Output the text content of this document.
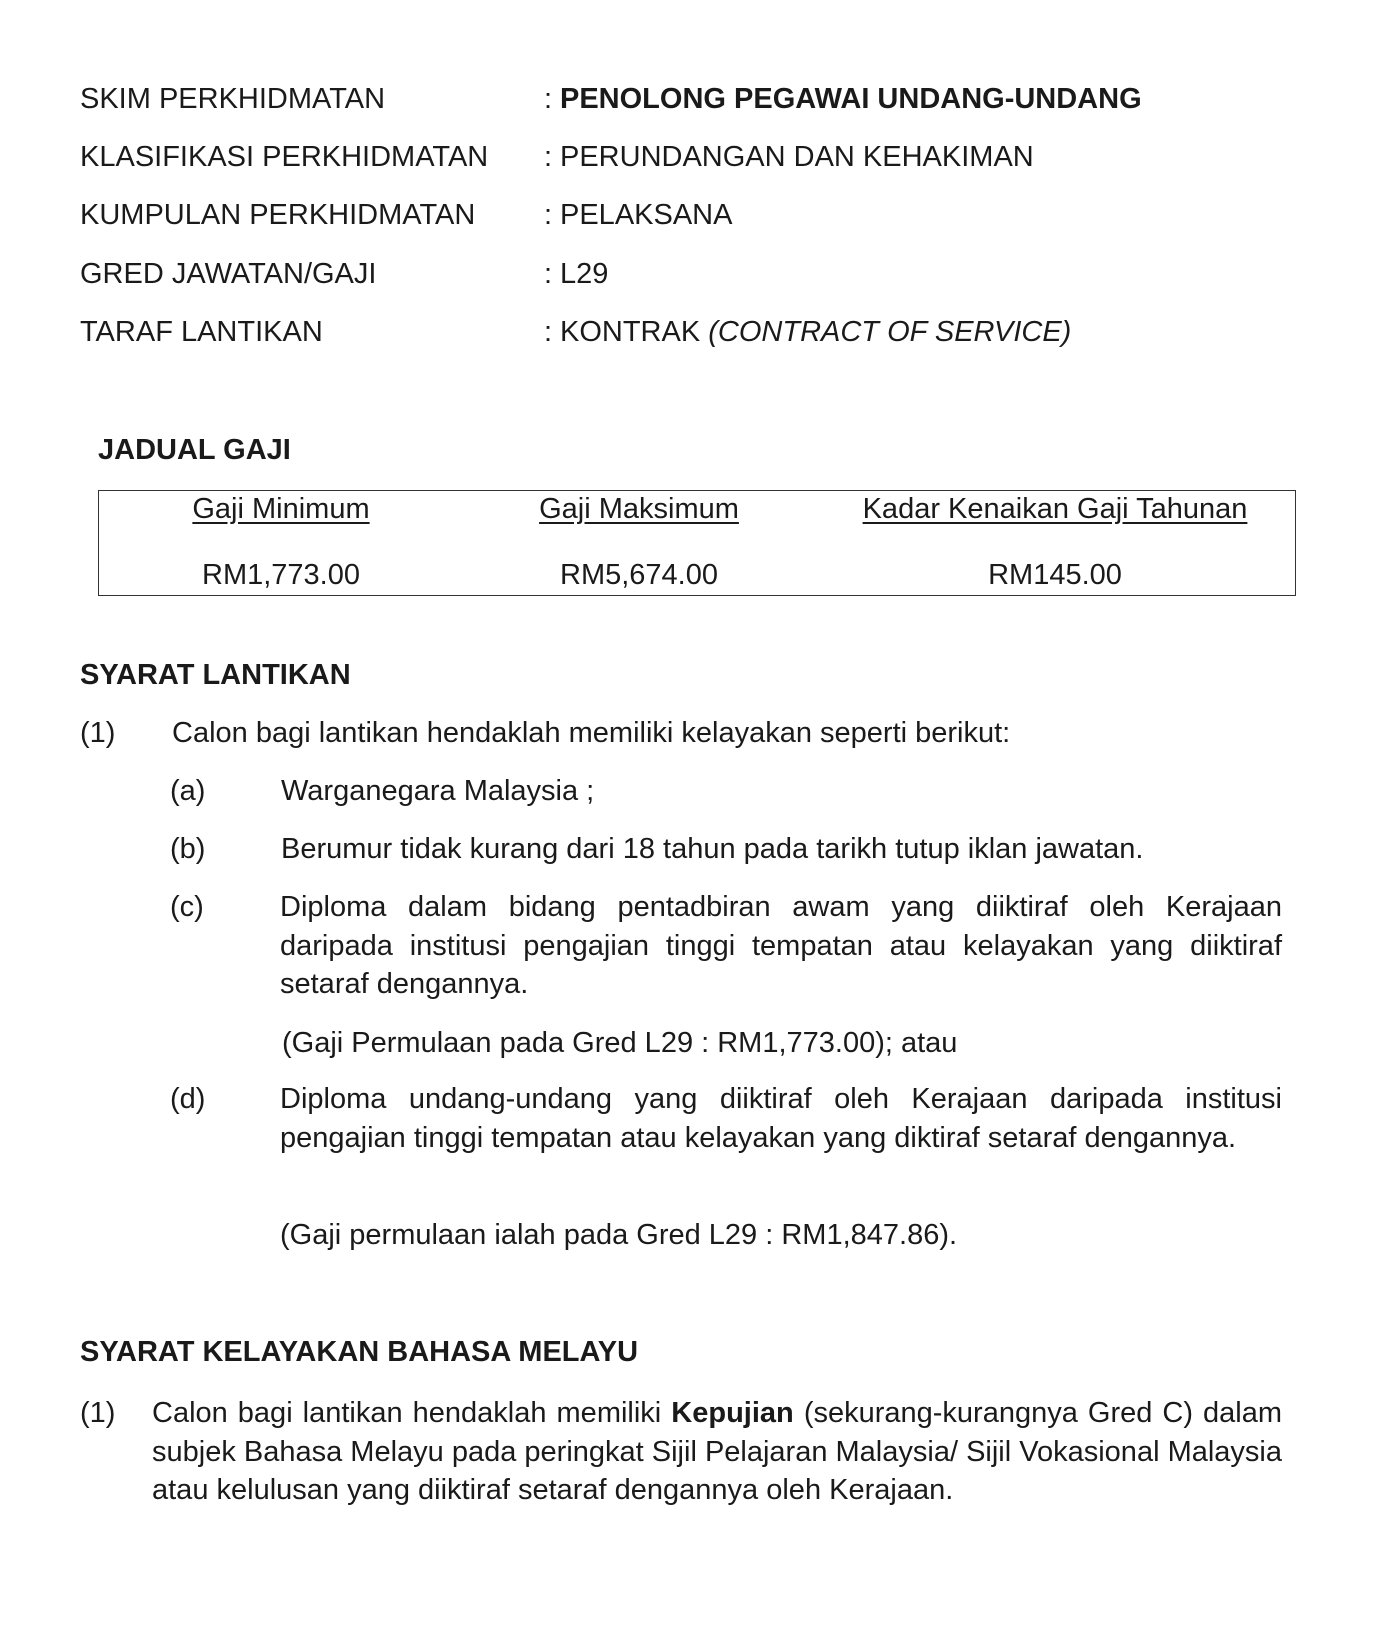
SKIM PERKHIDMATAN	: PENOLONG PEGAWAI UNDANG-UNDANG
KLASIFIKASI PERKHIDMATAN : PERUNDANGAN DAN KEHAKIMAN
KUMPULAN PERKHIDMATAN : PELAKSANA
GRED JAWATAN/GAJI	: L29
TARAF LANTIKAN	: KONTRAK (CONTRACT OF SERVICE)
JADUAL GAJI
Gaji Minimum	Gaji Maksimum	Kadar Kenaikan Gaji Tahunan
RM1,773.00	RM5,674.00	RM145.00
SYARAT LANTIKAN
(1) Calon bagi lantikan hendaklah memiliki kelayakan seperti berikut:
(a)	Warganegara Malaysia ;
(b)	Berumur tidak kurang dari 18 tahun pada tarikh tutup iklan jawatan.
(c)	Diploma dalam bidang pentadbiran awam yang diiktiraf oleh Kerajaan daripada institusi pengajian tinggi tempatan atau kelayakan yang diiktiraf setaraf dengannya.
(Gaji Permulaan pada Gred L29 : RM1,773.00); atau
(d)	Diploma undang-undang yang diiktiraf oleh Kerajaan daripada institusi pengajian tinggi tempatan atau kelayakan yang diktiraf setaraf dengannya.
(Gaji permulaan ialah pada Gred L29 : RM1,847.86).
SYARAT KELAYAKAN BAHASA MELAYU
(1) Calon bagi lantikan hendaklah memiliki Kepujian (sekurang-kurangnya Gred C) dalam subjek Bahasa Melayu pada peringkat Sijil Pelajaran Malaysia/ Sijil Vokasional Malaysia atau kelulusan yang diiktiraf setaraf dengannya oleh Kerajaan.
